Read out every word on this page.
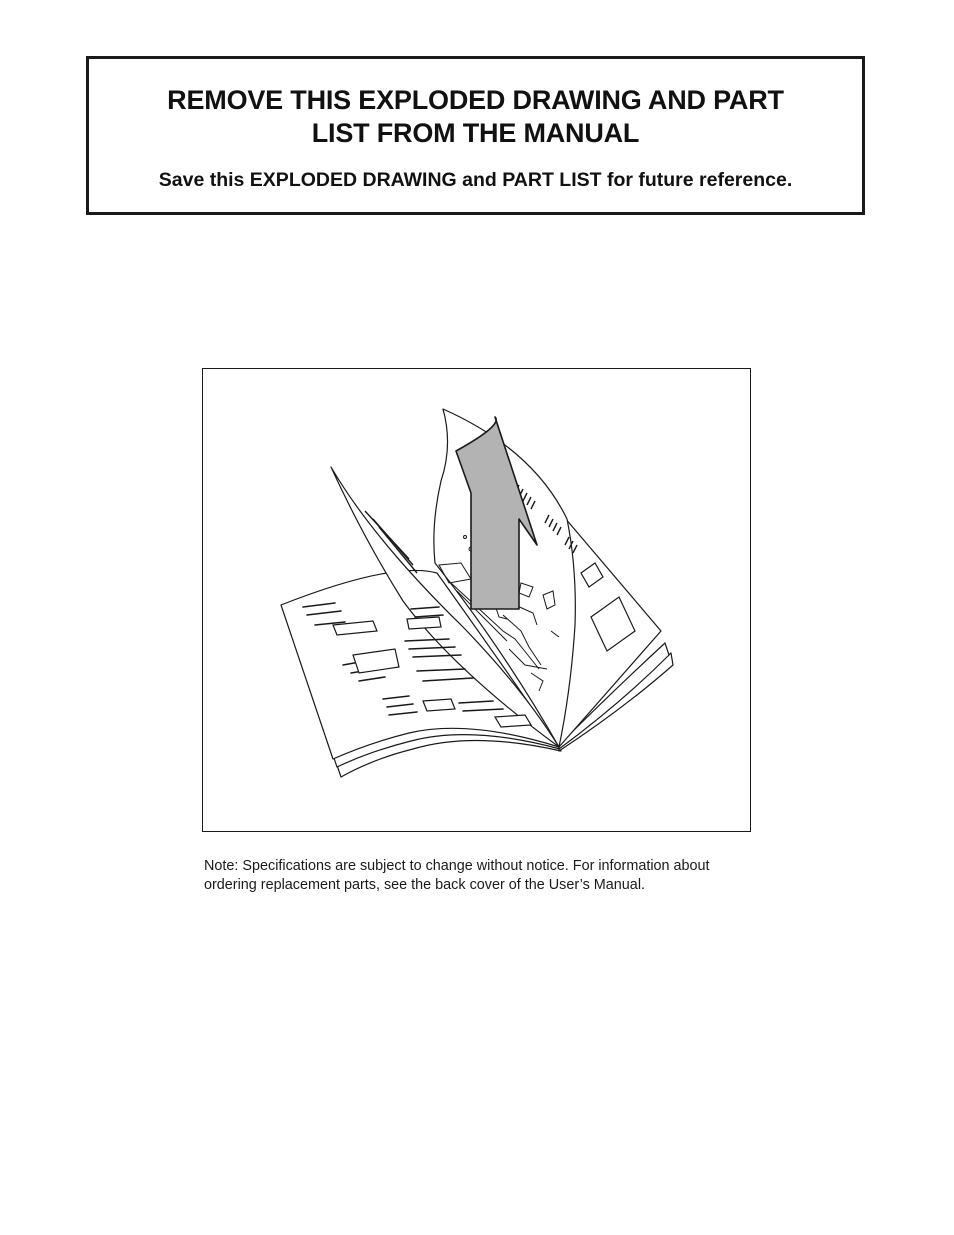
REMOVE THIS EXPLODED DRAWING AND PART
LIST FROM THE MANUAL

Save this EXPLODED DRAWING and PART LIST for future reference.

Note: Specifications are subject to change without notice. For information about
ordering replacement parts, see the back cover of the User’s Manual.
